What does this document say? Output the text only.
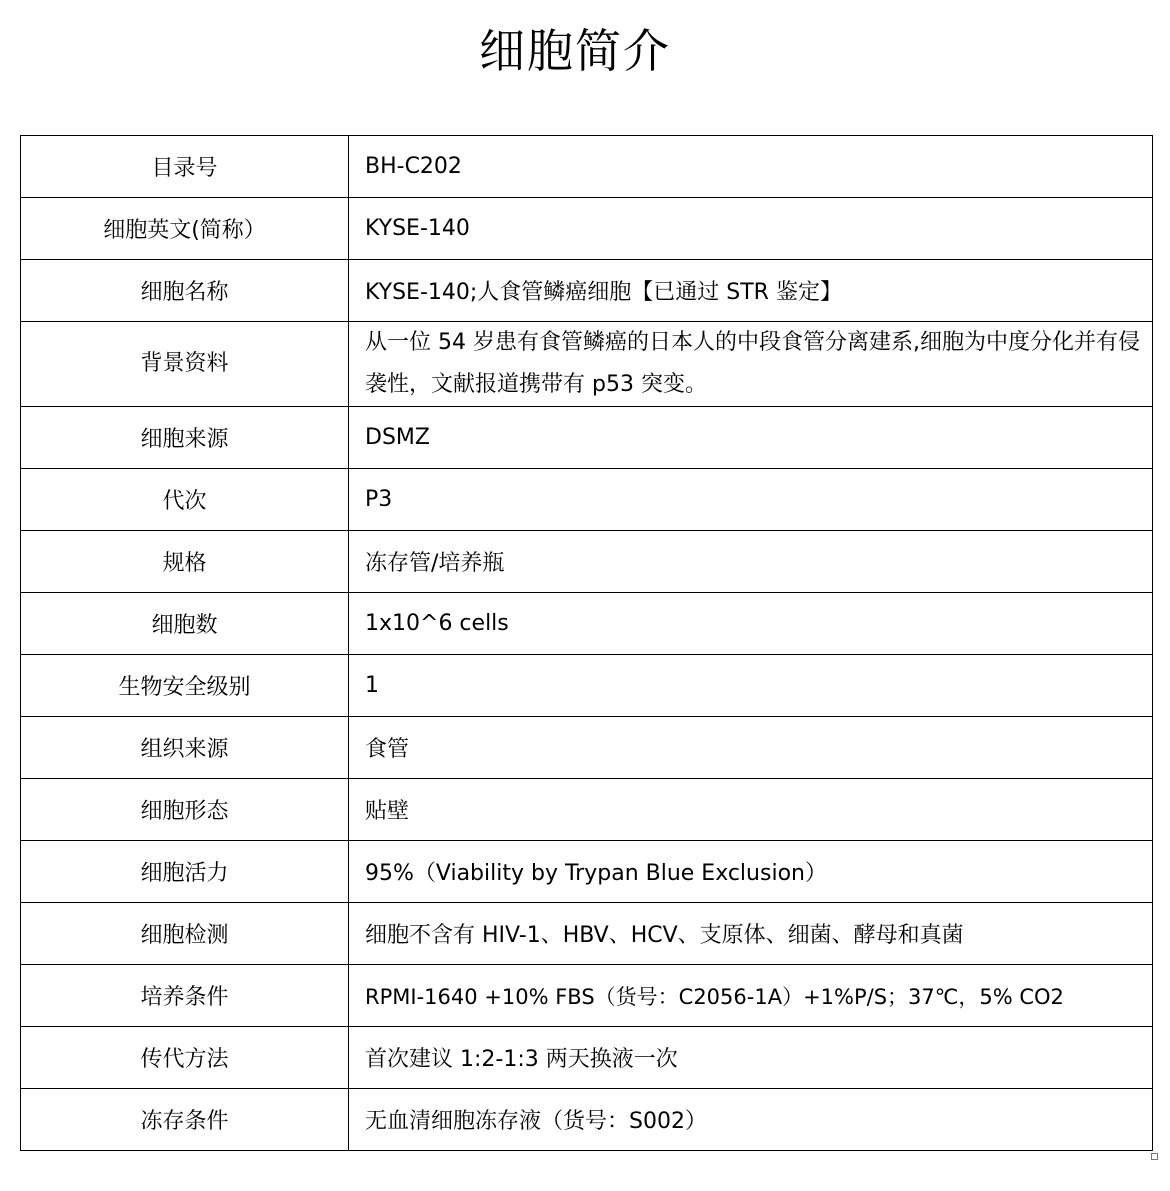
细胞简介
目录号	BH-C202
细胞英文(简称）	KYSE-140
细胞名称	KYSE-140;人食管鳞癌细胞【已通过 STR 鉴定】
背景资料	从一位 54 岁患有食管鳞癌的日本人的中段食管分离建系,细胞为中度分化并有侵袭性，文献报道携带有 p53 突变。
细胞来源	DSMZ
代次	P3
规格	冻存管/培养瓶
细胞数	1x10^6 cells
生物安全级别	1
组织来源	食管
细胞形态	贴壁
细胞活力	95%（Viability by Trypan Blue Exclusion）
细胞检测	细胞不含有 HIV-1、HBV、HCV、支原体、细菌、酵母和真菌
培养条件	RPMI-1640 +10% FBS（货号：C2056-1A）+1%P/S；37℃，5% CO2
传代方法	首次建议 1:2-1:3 两天换液一次
冻存条件	无血清细胞冻存液（货号：S002）
